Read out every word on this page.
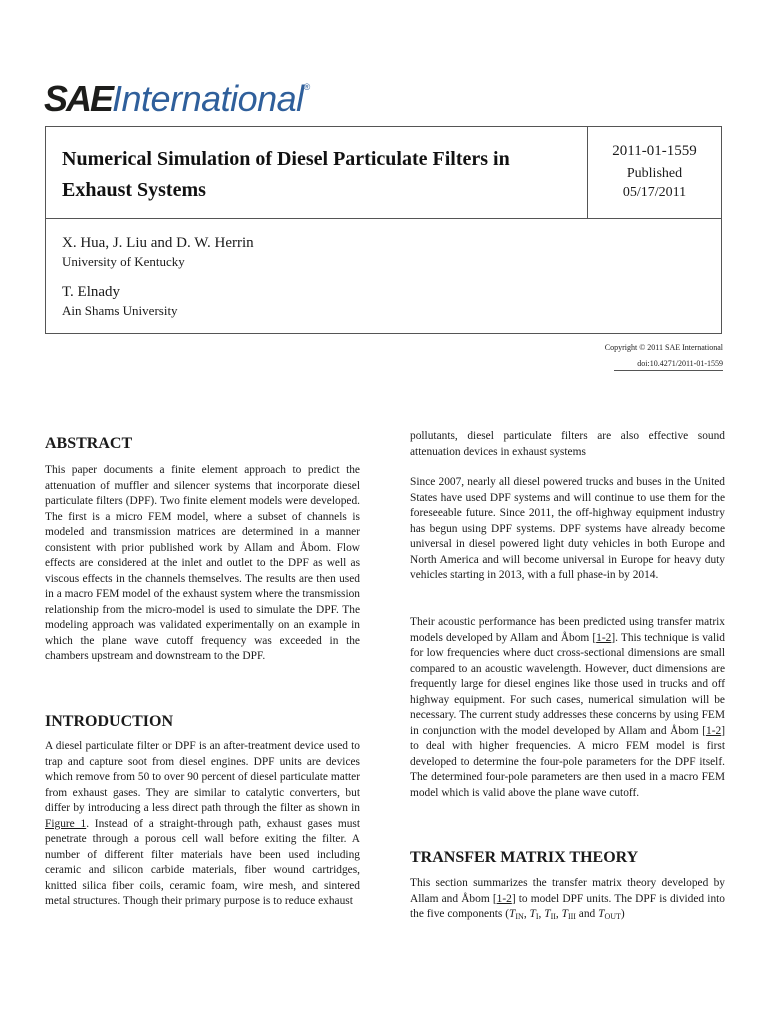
SAEInternational®
Numerical Simulation of Diesel Particulate Filters in Exhaust Systems
2011-01-1559
Published
05/17/2011
X. Hua, J. Liu and D. W. Herrin
University of Kentucky
T. Elnady
Ain Shams University
Copyright © 2011 SAE International
doi:10.4271/2011-01-1559
ABSTRACT

This paper documents a finite element approach to predict the attenuation of muffler and silencer systems that incorporate diesel particulate filters (DPF). Two finite element models were developed. The first is a micro FEM model, where a subset of channels is modeled and transmission matrices are determined in a manner consistent with prior published work by Allam and Åbom. Flow effects are considered at the inlet and outlet to the DPF as well as viscous effects in the channels themselves. The results are then used in a macro FEM model of the exhaust system where the transmission relationship from the micro-model is used to simulate the DPF. The modeling approach was validated experimentally on an example in which the plane wave cutoff frequency was exceeded in the chambers upstream and downstream to the DPF.

INTRODUCTION

A diesel particulate filter or DPF is an after-treatment device used to trap and capture soot from diesel engines. DPF units are devices which remove from 50 to over 90 percent of diesel particulate matter from exhaust gases. They are similar to catalytic converters, but differ by introducing a less direct path through the filter as shown in Figure 1. Instead of a straight-through path, exhaust gases must penetrate through a porous cell wall before exiting the filter. A number of different filter materials have been used including ceramic and silicon carbide materials, fiber wound cartridges, knitted silica fiber coils, ceramic foam, wire mesh, and sintered metal structures. Though their primary purpose is to reduce exhaust

pollutants, diesel particulate filters are also effective sound attenuation devices in exhaust systems

Since 2007, nearly all diesel powered trucks and buses in the United States have used DPF systems and will continue to use them for the foreseeable future. Since 2011, the off-highway equipment industry has begun using DPF systems. DPF systems have already become universal in diesel powered light duty vehicles in both Europe and North America and will become universal in Europe for heavy duty vehicles starting in 2013, with a full phase-in by 2014.

Their acoustic performance has been predicted using transfer matrix models developed by Allam and Åbom [1-2]. This technique is valid for low frequencies where duct cross-sectional dimensions are small compared to an acoustic wavelength. However, duct dimensions are frequently large for diesel engines like those used in trucks and off highway equipment. For such cases, numerical simulation will be necessary. The current study addresses these concerns by using FEM in conjunction with the model developed by Allam and Åbom [1-2] to deal with higher frequencies. A micro FEM model is first developed to determine the four-pole parameters for the DPF itself. The determined four-pole parameters are then used in a macro FEM model which is valid above the plane wave cutoff.

TRANSFER MATRIX THEORY

This section summarizes the transfer matrix theory developed by Allam and Åbom [1-2] to model DPF units. The DPF is divided into the five components ($T_{IN}$, $T_I$, $T_{II}$, $T_{III}$ and $T_{OUT}$)
